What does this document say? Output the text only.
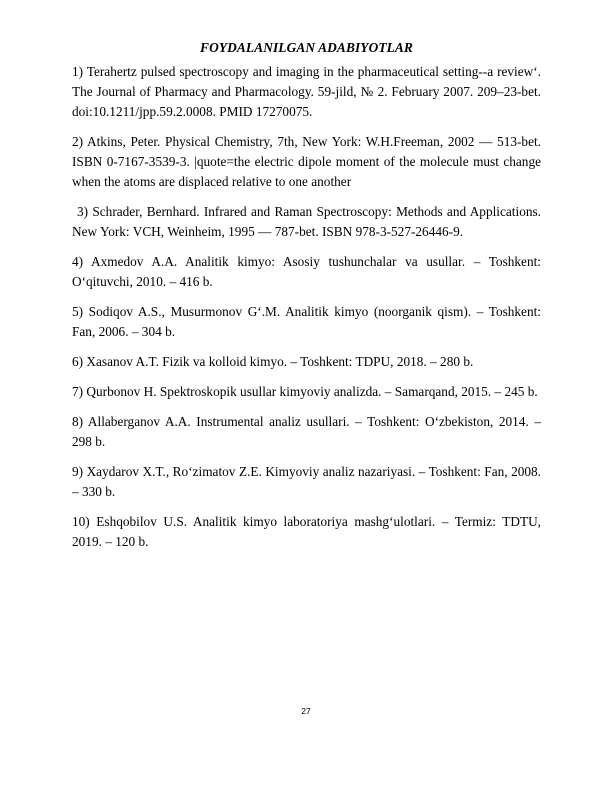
FOYDALANILGAN ADABIYOTLAR

1) Terahertz pulsed spectroscopy and imaging in the pharmaceutical setting--a review‘. The Journal of Pharmacy and Pharmacology. 59-jild, № 2. February 2007. 209–23-bet. doi:10.1211/jpp.59.2.0008. PMID 17270075.

2) Atkins, Peter. Physical Chemistry, 7th, New York: W.H.Freeman, 2002 — 513-bet. ISBN 0-7167-3539-3. |quote=the electric dipole moment of the molecule must change when the atoms are displaced relative to one another

3) Schrader, Bernhard. Infrared and Raman Spectroscopy: Methods and Applications. New York: VCH, Weinheim, 1995 — 787-bet. ISBN 978-3-527-26446-9.

4) Axmedov A.A. Analitik kimyo: Asosiy tushunchalar va usullar. – Toshkent: O‘qituvchi, 2010. – 416 b.

5) Sodiqov A.S., Musurmonov G‘.M. Analitik kimyo (noorganik qism). – Toshkent: Fan, 2006. – 304 b.

6) Xasanov A.T. Fizik va kolloid kimyo. – Toshkent: TDPU, 2018. – 280 b.

7) Qurbonov H. Spektroskopik usullar kimyoviy analizda. – Samarqand, 2015. – 245 b.

8) Allaberganov A.A. Instrumental analiz usullari. – Toshkent: O‘zbekiston, 2014. – 298 b.

9) Xaydarov X.T., Ro‘zimatov Z.E. Kimyoviy analiz nazariyasi. – Toshkent: Fan, 2008. – 330 b.

10) Eshqobilov U.S. Analitik kimyo laboratoriya mashg‘ulotlari. – Termiz: TDTU, 2019. – 120 b.

27
